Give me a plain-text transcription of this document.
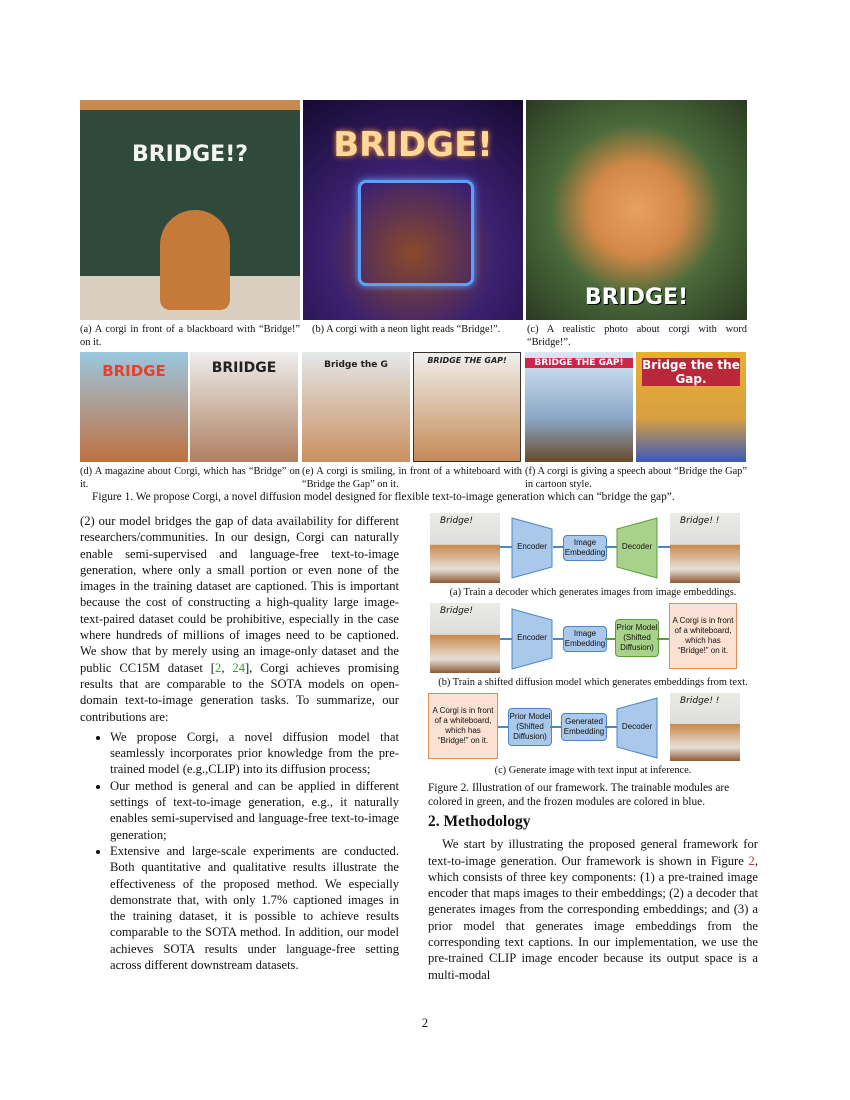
BRIDGE!?	BRIDGE!
BRIDGE!
(a) A corgi in front of a blackboard with “Bridge!” on it.
(b) A corgi with a neon light reads “Bridge!”.	(c) A realistic photo about corgi with word “Bridge!”.
BRIDGE	BRIIDGE	Bridge the G	BRIDGE THE GAP!	BRIDGE THE GAP!	Bridge the the Gap.
(d) A magazine about Corgi, which has “Bridge” on it.
(e) A corgi is smiling, in front of a whiteboard with “Bridge the Gap” on it.
(f) A corgi is giving a speech about “Bridge the Gap” in cartoon style.
Figure 1. We propose Corgi, a novel diffusion model designed for flexible text-to-image generation which can “bridge the gap”.

(2) our model bridges the gap of data availability for different researchers/communities. In our design, Corgi can naturally enable semi-supervised and language-free text-to-image generation, where only a small portion or even none of the images in the training dataset are captioned. This is important because the cost of constructing a high-quality large image-text-paired dataset could be prohibitive, especially in the case where hundreds of millions of images need to be captioned. We show that by merely using an image-only dataset and the public CC15M dataset [2, 24], Corgi achieves promising results that are comparable to the SOTA models on open-domain text-to-image generation tasks. To summarize, our contributions are:

• We propose Corgi, a novel diffusion model that seamlessly incorporates prior knowledge from the pre-trained model (e.g.,CLIP) into its diffusion process;
• Our method is general and can be applied in different settings of text-to-image generation, e.g., it naturally enables semi-supervised and language-free text-to-image generation;
• Extensive and large-scale experiments are conducted. Both quantitative and qualitative results illustrate the effectiveness of the proposed method. We especially demonstrate that, with only 1.7% captioned images in the training dataset, it is possible to achieve results comparable to the SOTA method. In addition, our model achieves SOTA results under language-free setting across different downstream datasets.
Bridge!
Encoder	Image Embedding
Decoder
Bridge! !
(a) Train a decoder which generates images from image embeddings.
Bridge!
Encoder	Image Embedding
Prior Model (Shifted Diffusion)
A Corgi is in front of a whiteboard, which has “Bridge!” on it.
(b) Train a shifted diffusion model which generates embeddings from text.
A Corgi is in front of a whiteboard, which has “Bridge!” on it.
Prior Model (Shifted Diffusion)
Generated Embedding
Decoder
Bridge! !
(c) Generate image with text input at inference.
Figure 2. Illustration of our framework. The trainable modules are colored in green, and the frozen modules are colored in blue.

2. Methodology

We start by illustrating the proposed general framework for text-to-image generation. Our framework is shown in Figure 2, which consists of three key components: (1) a pre-trained image encoder that maps images to their embeddings; (2) a decoder that generates images from the corresponding embeddings; and (3) a prior model that generates image embeddings from the corresponding text captions. In our implementation, we use the pre-trained CLIP image encoder because its output space is a multi-modal

2
